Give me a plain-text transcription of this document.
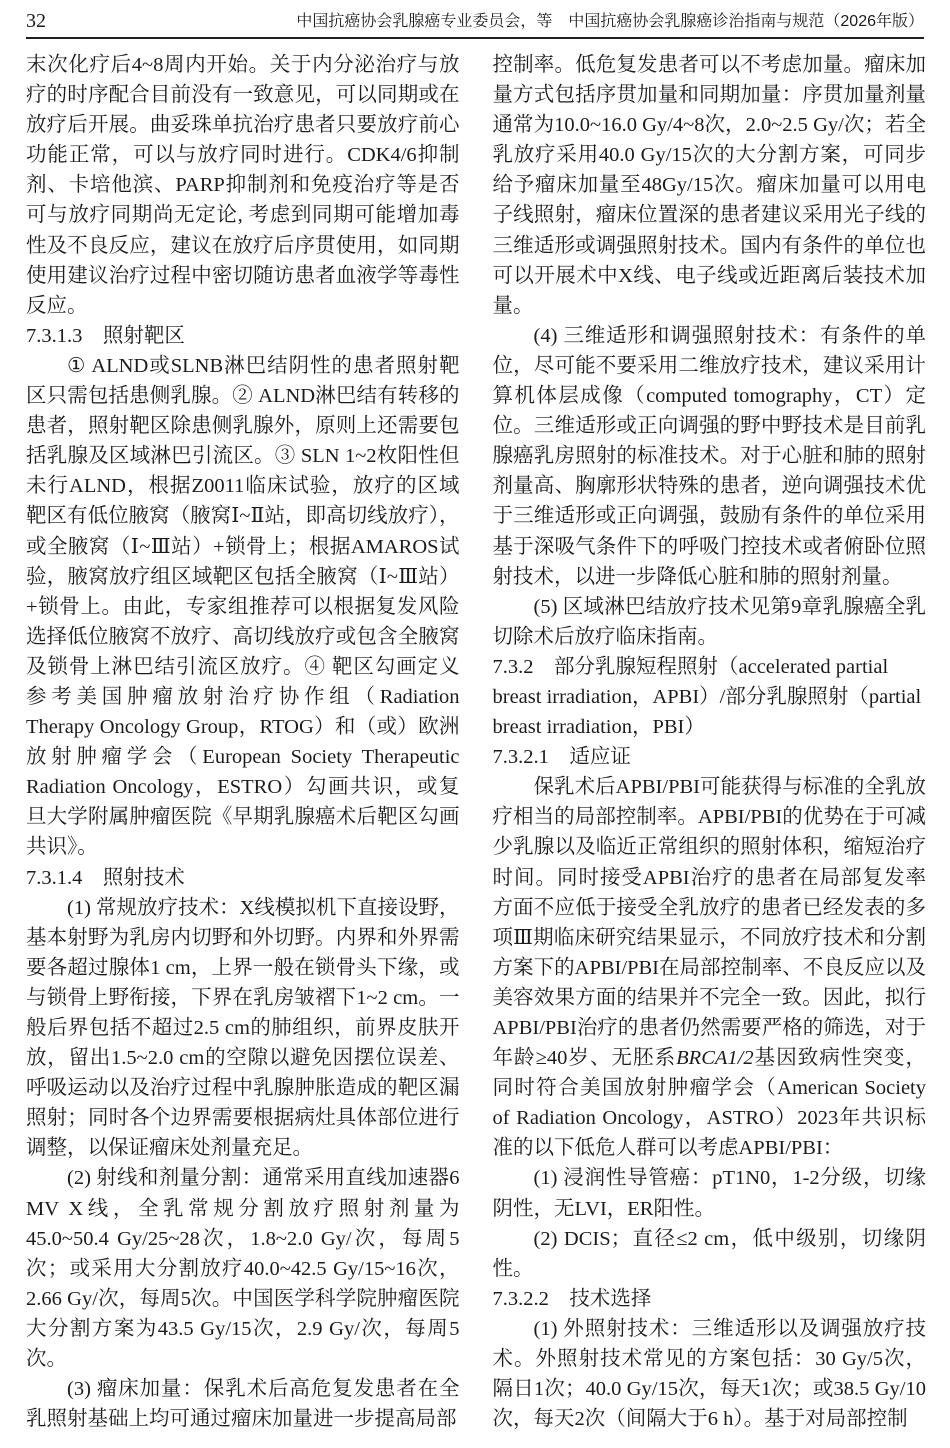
32	中国抗癌协会乳腺癌专业委员会，等 中国抗癌协会乳腺癌诊治指南与规范（2026年版）

末次化疗后4~8周内开始。关于内分泌治疗与放疗的时序配合目前没有一致意见，可以同期或在放疗后开展。曲妥珠单抗治疗患者只要放疗前心功能正常，可以与放疗同时进行。CDK4/6抑制剂、卡培他滨、PARP抑制剂和免疫治疗等是否可与放疗同期尚无定论, 考虑到同期可能增加毒性及不良反应，建议在放疗后序贯使用，如同期使用建议治疗过程中密切随访患者血液学等毒性反应。

7.3.1.3　照射靶区

① ALND或SLNB淋巴结阴性的患者照射靶区只需包括患侧乳腺。② ALND淋巴结有转移的患者，照射靶区除患侧乳腺外，原则上还需要包括乳腺及区域淋巴引流区。③ SLN 1~2枚阳性但未行ALND，根据Z0011临床试验，放疗的区域靶区有低位腋窝（腋窝Ⅰ~Ⅱ站，即高切线放疗），或全腋窝（Ⅰ~Ⅲ站）+锁骨上；根据AMAROS试验，腋窝放疗组区域靶区包括全腋窝（Ⅰ~Ⅲ站）+锁骨上。由此，专家组推荐可以根据复发风险选择低位腋窝不放疗、高切线放疗或包含全腋窝及锁骨上淋巴结引流区放疗。④ 靶区勾画定义参考美国肿瘤放射治疗协作组（Radiation Therapy Oncology Group，RTOG）和（或）欧洲放射肿瘤学会（European Society Therapeutic Radiation Oncology，ESTRO）勾画共识，或复旦大学附属肿瘤医院《早期乳腺癌术后靶区勾画共识》。

7.3.1.4　照射技术

(1) 常规放疗技术：X线模拟机下直接设野，基本射野为乳房内切野和外切野。内界和外界需要各超过腺体1 cm，上界一般在锁骨头下缘，或与锁骨上野衔接，下界在乳房皱褶下1~2 cm。一般后界包括不超过2.5 cm的肺组织，前界皮肤开放，留出1.5~2.0 cm的空隙以避免因摆位误差、呼吸运动以及治疗过程中乳腺肿胀造成的靶区漏照射；同时各个边界需要根据病灶具体部位进行调整，以保证瘤床处剂量充足。

(2) 射线和剂量分割：通常采用直线加速器6 MV X线，全乳常规分割放疗照射剂量为45.0~50.4 Gy/25~28次，1.8~2.0 Gy/次，每周5次；或采用大分割放疗40.0~42.5 Gy/15~16次，2.66 Gy/次，每周5次。中国医学科学院肿瘤医院大分割方案为43.5 Gy/15次，2.9 Gy/次，每周5次。

(3) 瘤床加量：保乳术后高危复发患者在全乳照射基础上均可通过瘤床加量进一步提高局部

控制率。低危复发患者可以不考虑加量。瘤床加量方式包括序贯加量和同期加量：序贯加量剂量通常为10.0~16.0 Gy/4~8次，2.0~2.5 Gy/次；若全乳放疗采用40.0 Gy/15次的大分割方案，可同步给予瘤床加量至48Gy/15次。瘤床加量可以用电子线照射，瘤床位置深的患者建议采用光子线的三维适形或调强照射技术。国内有条件的单位也可以开展术中X线、电子线或近距离后装技术加量。

(4) 三维适形和调强照射技术：有条件的单位，尽可能不要采用二维放疗技术，建议采用计算机体层成像（computed tomography，CT）定位。三维适形或正向调强的野中野技术是目前乳腺癌乳房照射的标准技术。对于心脏和肺的照射剂量高、胸廓形状特殊的患者，逆向调强技术优于三维适形或正向调强，鼓励有条件的单位采用基于深吸气条件下的呼吸门控技术或者俯卧位照射技术，以进一步降低心脏和肺的照射剂量。

(5) 区域淋巴结放疗技术见第9章乳腺癌全乳切除术后放疗临床指南。

7.3.2　部分乳腺短程照射（accelerated partial breast irradiation，APBI）/部分乳腺照射（partial breast irradiation，PBI）
7.3.2.1　适应证

保乳术后APBI/PBI可能获得与标准的全乳放疗相当的局部控制率。APBI/PBI的优势在于可减少乳腺以及临近正常组织的照射体积，缩短治疗时间。同时接受APBI治疗的患者在局部复发率方面不应低于接受全乳放疗的患者已经发表的多项Ⅲ期临床研究结果显示，不同放疗技术和分割方案下的APBI/PBI在局部控制率、不良反应以及美容效果方面的结果并不完全一致。因此，拟行APBI/PBI治疗的患者仍然需要严格的筛选，对于年龄≥40岁、无胚系BRCA1/2基因致病性突变，同时符合美国放射肿瘤学会（American Society of Radiation Oncology，ASTRO）2023年共识标准的以下低危人群可以考虑APBI/PBI：

(1) 浸润性导管癌：pT1N0，1-2分级，切缘阴性，无LVI，ER阳性。

(2) DCIS；直径≤2 cm，低中级别，切缘阴性。

7.3.2.2　技术选择

(1) 外照射技术：三维适形以及调强放疗技术。外照射技术常见的方案包括：30 Gy/5次，隔日1次；40.0 Gy/15次，每天1次；或38.5 Gy/10次，每天2次（间隔大于6 h）。基于对局部控制
